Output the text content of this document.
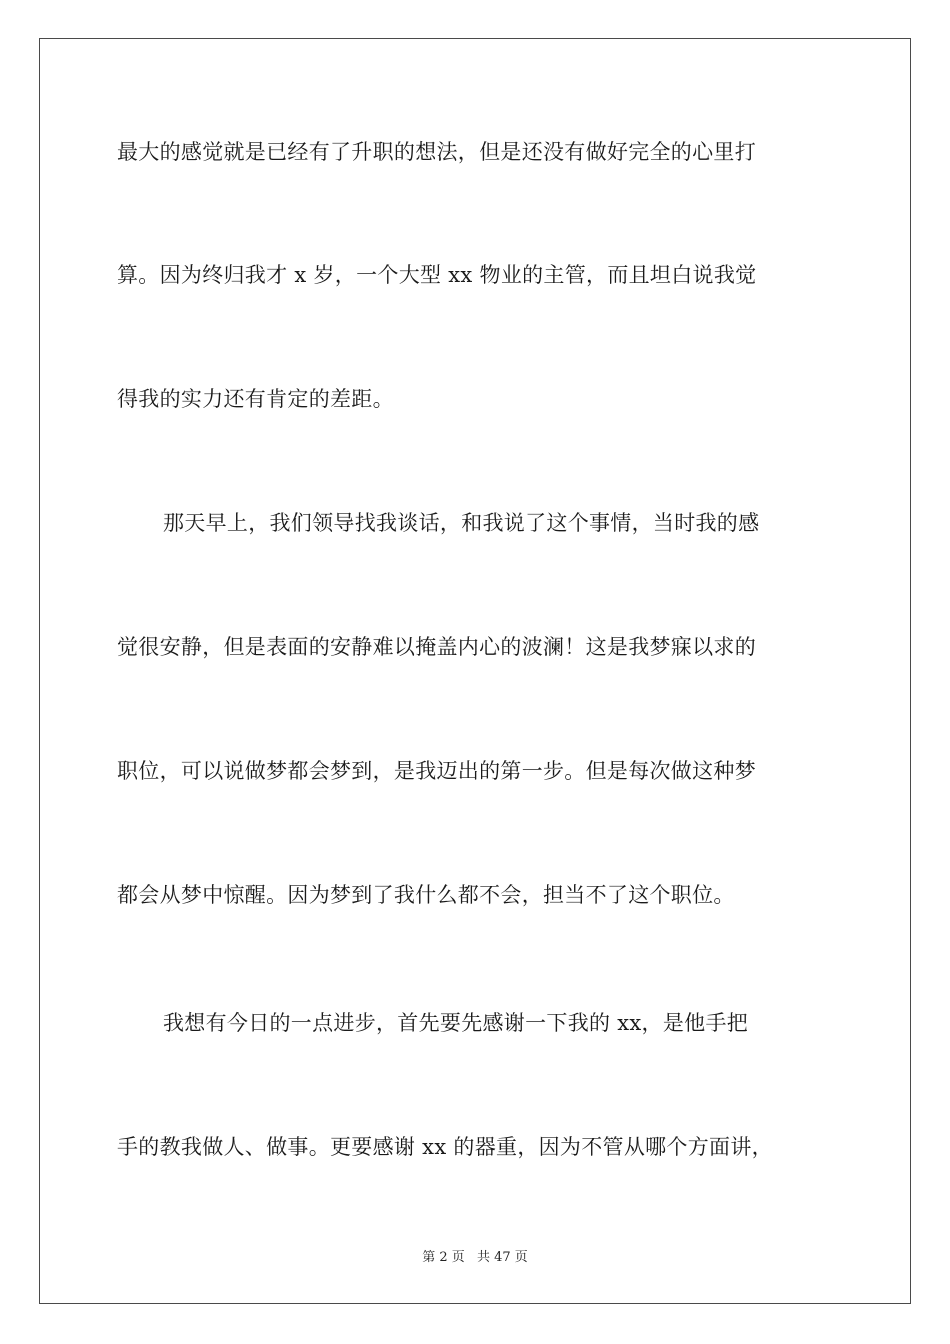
最大的感觉就是已经有了升职的想法，但是还没有做好完全的心里打
算。因为终归我才 x 岁，一个大型 xx 物业的主管，而且坦白说我觉
得我的实力还有肯定的差距。
那天早上，我们领导找我谈话，和我说了这个事情，当时我的感
觉很安静，但是表面的安静难以掩盖内心的波澜！这是我梦寐以求的
职位，可以说做梦都会梦到，是我迈出的第一步。但是每次做这种梦
都会从梦中惊醒。因为梦到了我什么都不会，担当不了这个职位。
我想有今日的一点进步，首先要先感谢一下我的 xx，是他手把
手的教我做人、做事。更要感谢 xx 的器重，因为不管从哪个方面讲，
第 2 页 共 47 页
